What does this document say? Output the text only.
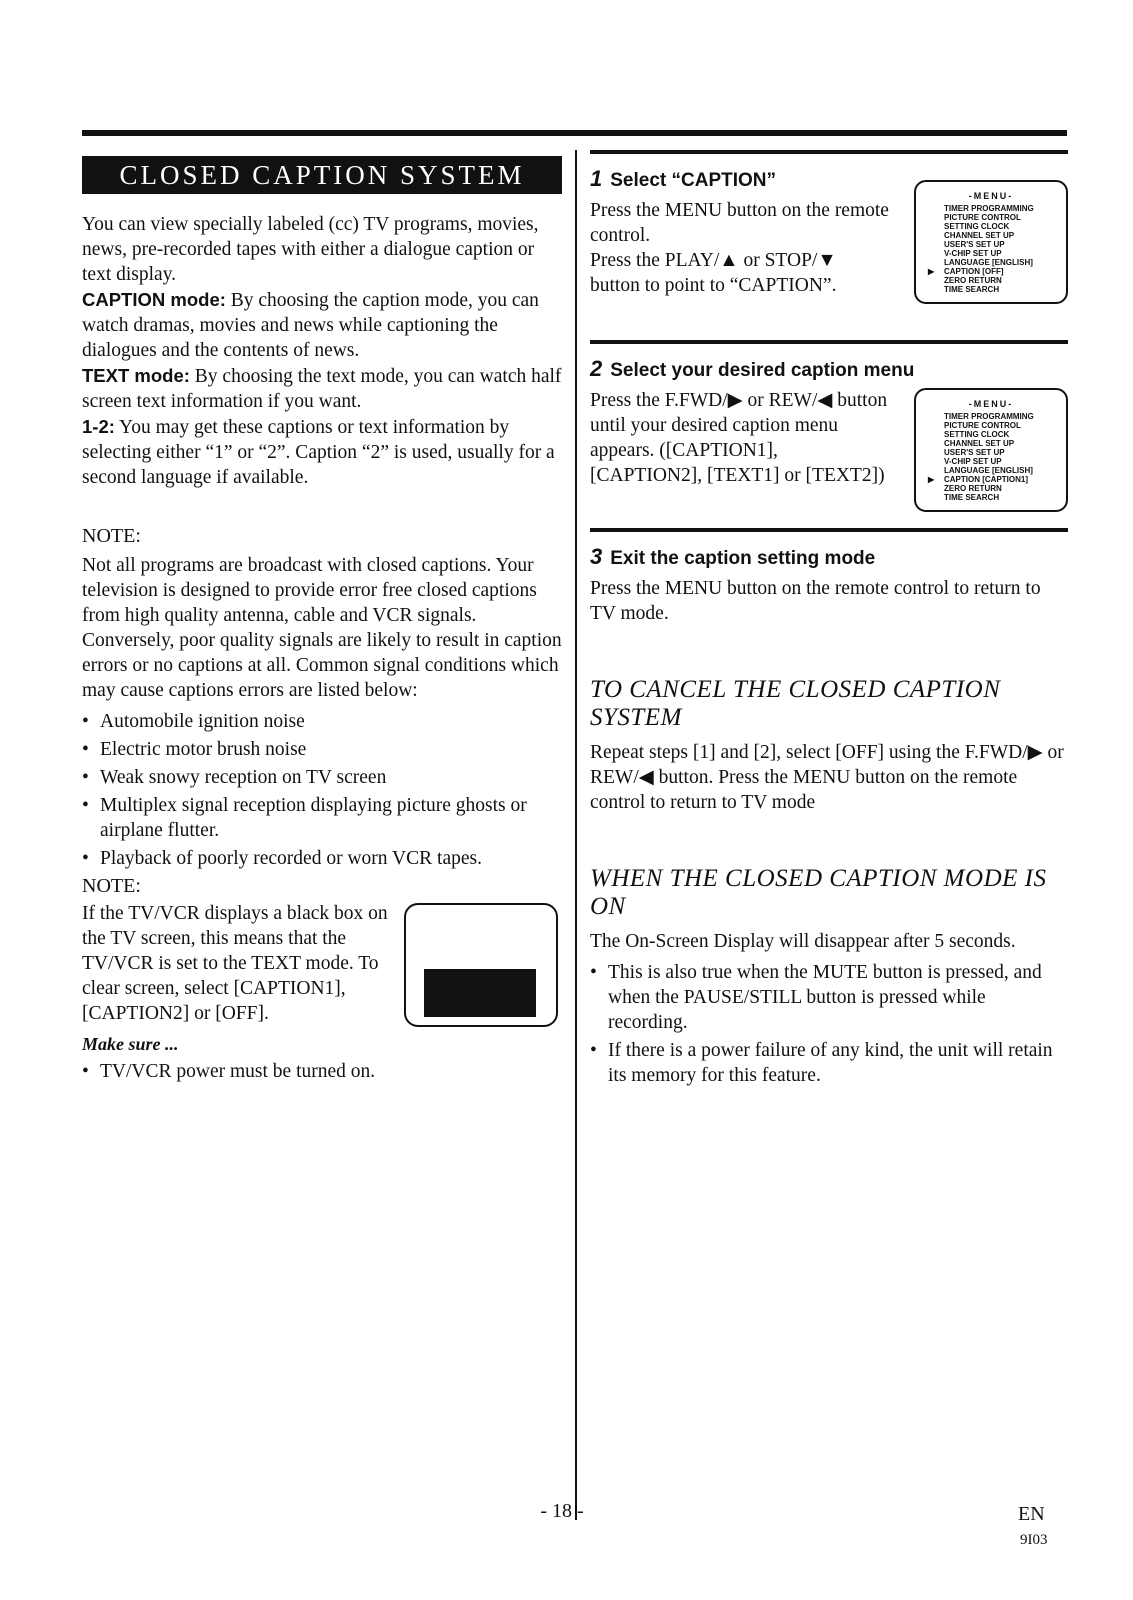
CLOSED CAPTION SYSTEM

You can view specially labeled (cc) TV programs, movies, news, pre-recorded tapes with either a dialogue caption or text display.

CAPTION mode: By choosing the caption mode, you can watch dramas, movies and news while captioning the dialogues and the contents of news.

TEXT mode: By choosing the text mode, you can watch half screen text information if you want.

1-2: You may get these captions or text information by selecting either “1” or “2”. Caption “2” is used, usually for a second language if available.

NOTE:

Not all programs are broadcast with closed captions. Your television is designed to provide error free closed captions from high quality antenna, cable and VCR signals. Conversely, poor quality signals are likely to result in caption errors or no captions at all. Common signal conditions which may cause captions errors are listed below:

• Automobile ignition noise
• Electric motor brush noise
• Weak snowy reception on TV screen
• Multiplex signal reception displaying picture ghosts or airplane flutter.
• Playback of poorly recorded or worn VCR tapes.

NOTE:

If the TV/VCR displays a black box on the TV screen, this means that the TV/VCR is set to the TEXT mode. To clear screen, select [CAPTION1], [CAPTION2] or [OFF].

Make sure ...

• TV/VCR power must be turned on.
1 Select “CAPTION”

Press the MENU button on the remote control.

Press the PLAY/▲ or STOP/▼ button to point to “CAPTION”.

-MENU-
TIMER PROGRAMMING
PICTURE CONTROL
SETTING CLOCK
CHANNEL SET UP
USER'S SET UP
V-CHIP SET UP
LANGUAGE [ENGLISH]
▶ CAPTION [OFF]
ZERO RETURN
TIME SEARCH
2 Select your desired caption menu

Press the F.FWD/▶ or REW/◀ button until your desired caption menu appears. ([CAPTION1], [CAPTION2], [TEXT1] or [TEXT2])

-MENU-
TIMER PROGRAMMING
PICTURE CONTROL
SETTING CLOCK
CHANNEL SET UP
USER'S SET UP
V-CHIP SET UP
LANGUAGE [ENGLISH]
▶ CAPTION [CAPTION1]
ZERO RETURN
TIME SEARCH
3 Exit the caption setting mode

Press the MENU button on the remote control to return to TV mode.

TO CANCEL THE CLOSED CAPTION SYSTEM

Repeat steps [1] and [2], select [OFF] using the F.FWD/▶ or REW/◀ button. Press the MENU button on the remote control to return to TV mode

WHEN THE CLOSED CAPTION MODE IS ON

The On-Screen Display will disappear after 5 seconds.

• This is also true when the MUTE button is pressed, and when the PAUSE/STILL button is pressed while recording.
• If there is a power failure of any kind, the unit will retain its memory for this feature.
- 18 -	EN
9I03
